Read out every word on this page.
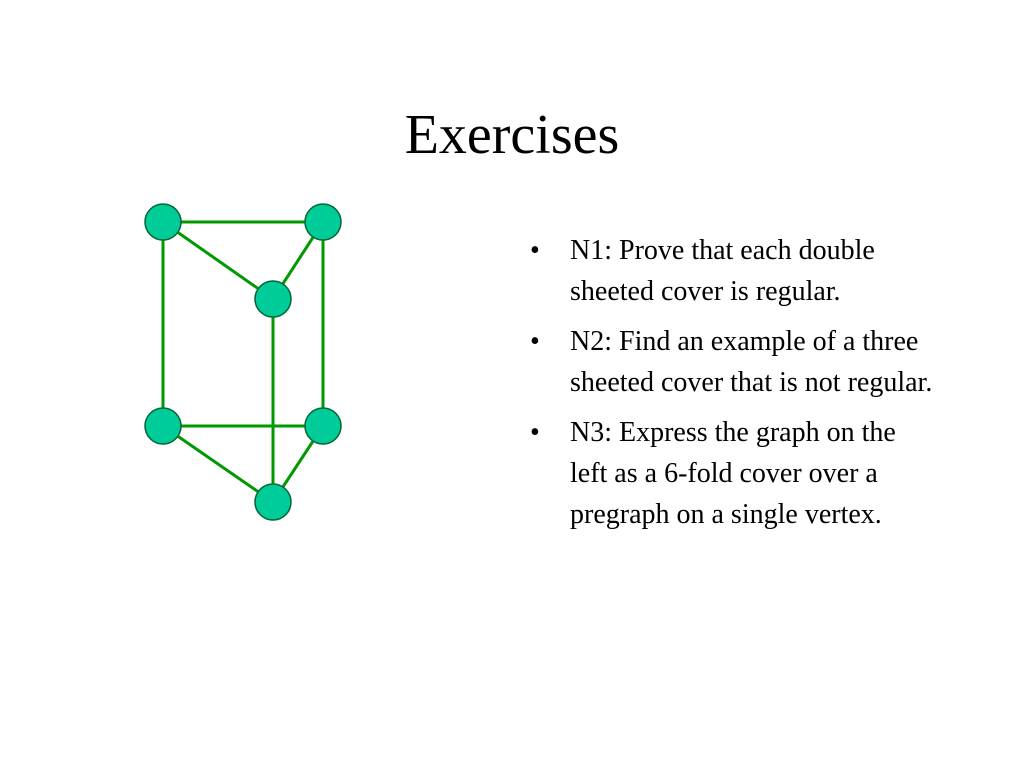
Exercises
•	N1: Prove that each double sheeted cover is regular.
•	N2: Find an example of a three sheeted cover that is not regular.
•	N3: Express the graph on the left as a 6-fold cover over a pregraph on a single vertex.
